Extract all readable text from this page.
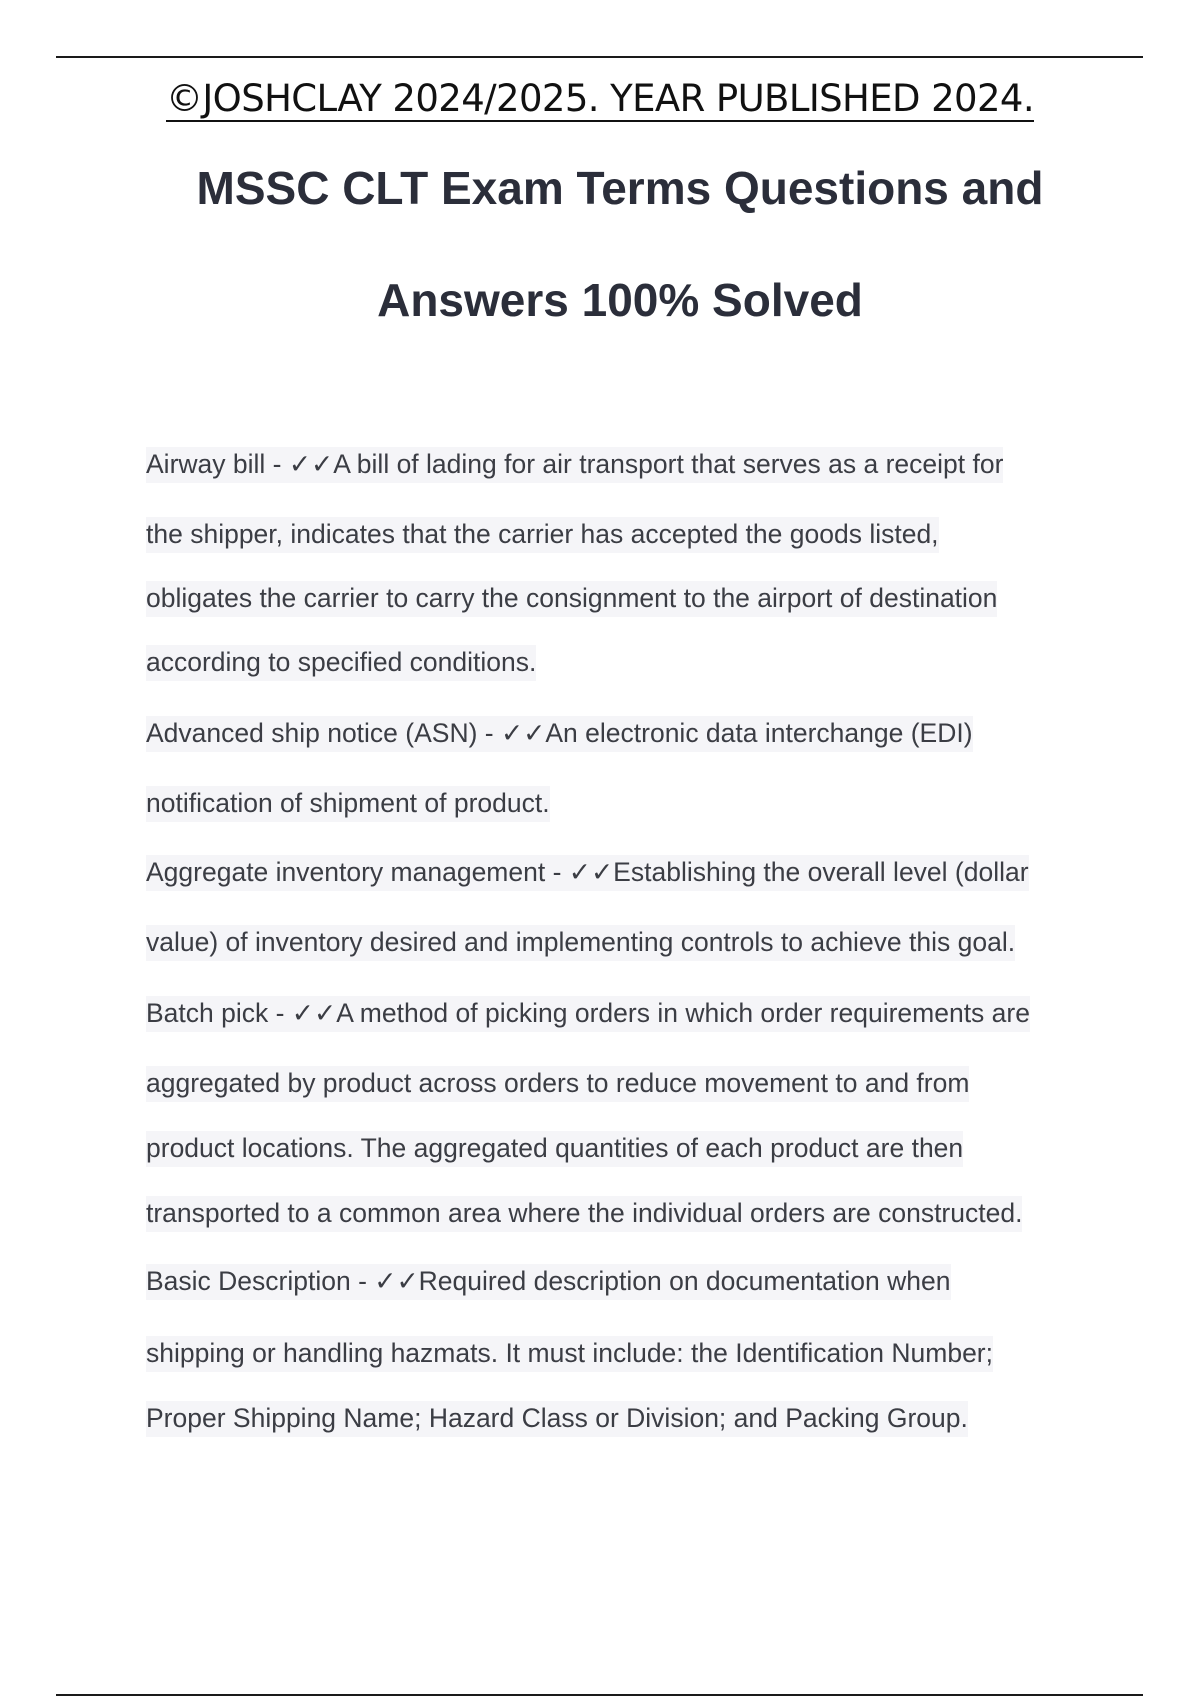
©JOSHCLAY 2024/2025. YEAR PUBLISHED 2024.
MSSC CLT Exam Terms Questions and
Answers 100% Solved
Airway bill - ✓✓A bill of lading for air transport that serves as a receipt for
the shipper, indicates that the carrier has accepted the goods listed,
obligates the carrier to carry the consignment to the airport of destination
according to specified conditions.
Advanced ship notice (ASN) - ✓✓An electronic data interchange (EDI)
notification of shipment of product.
Aggregate inventory management - ✓✓Establishing the overall level (dollar
value) of inventory desired and implementing controls to achieve this goal.
Batch pick - ✓✓A method of picking orders in which order requirements are
aggregated by product across orders to reduce movement to and from
product locations. The aggregated quantities of each product are then
transported to a common area where the individual orders are constructed.
Basic Description - ✓✓Required description on documentation when
shipping or handling hazmats. It must include: the Identification Number;
Proper Shipping Name; Hazard Class or Division; and Packing Group.
